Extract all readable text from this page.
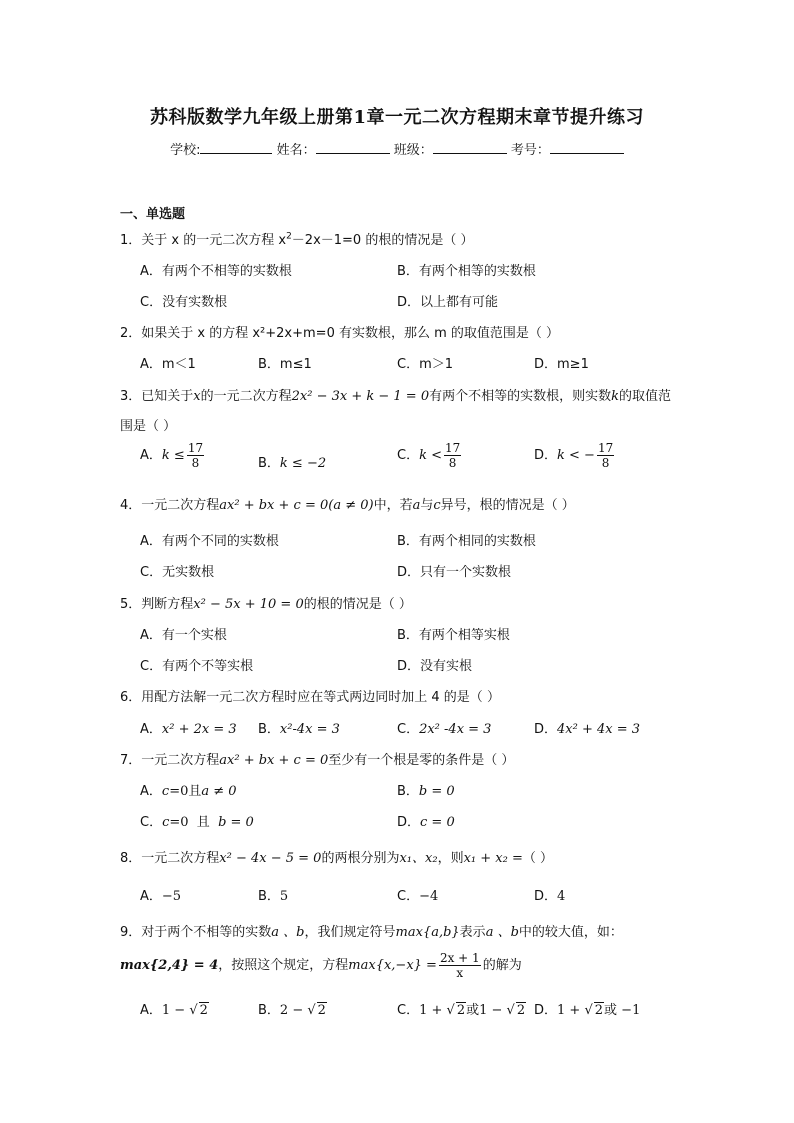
苏科版数学九年级上册第1章一元二次方程期末章节提升练习
学校:	姓名：	班级：	考号：
一、单选题
1．关于 x 的一元二次方程 $x^2-2x-1=0$ 的根的情况是（ ）
A．有两个不相等的实数根	B．有两个相等的实数根
C．没有实数根	D．以上都有可能
2．如果关于 x 的方程 x²+2x+m=0 有实数根，那么 m 的取值范围是（ ）
A．m＜1	B．m≤1	C．m＞1	D．m≥1
3．已知关于x的一元二次方程2x² − 3x + k − 1 = 0有两个不相等的实数根，则实数k的取值范
围是（ ）
A．$k \le \frac{17}{8}$	B．k ≤ −2
C．$k < \frac{17}{8}$	D．k < − $\frac{17}{8}$
4．一元二次方程ax² + bx + c = 0(a ≠ 0)中，若a与c异号，根的情况是（ ）
A．有两个不同的实数根	B．有两个相同的实数根
C．无实数根	D．只有一个实数根
5．判断方程x² − 5x + 10 = 0的根的情况是（ ）
A．有一个实根	B．有两个相等实根
C．有两个不等实根	D．没有实根
6．用配方法解一元二次方程时应在等式两边同时加上 4 的是（ ）
A．x² + 2x = 3 B．x²-4x = 3	C．2x² -4x = 3	D．4x² + 4x = 3
7．一元二次方程ax² + bx + c = 0至少有一个根是零的条件是（ ）
A．c=0且a ≠ 0	B．b = 0
C．c=0 且 b = 0	D．c = 0
8．一元二次方程x² − 4x − 5 = 0的两根分别为x₁、x₂，则x₁ + x₂ =（ ）
A．−5	B．5	C．−4	D．4
9．对于两个不相等的实数a 、b，我们规定符号max{a,b}表示a 、b中的较大值，如：
max{2,4} = 4，按照这个规定，方程$\max\{x,-x\} = \frac{2x + 1}{x}$ 的解为
A．1 − √ 2	B．2 − √ 2	C．1 + √ 2或1 − √ 2 D．1 + √ 2或 −1
